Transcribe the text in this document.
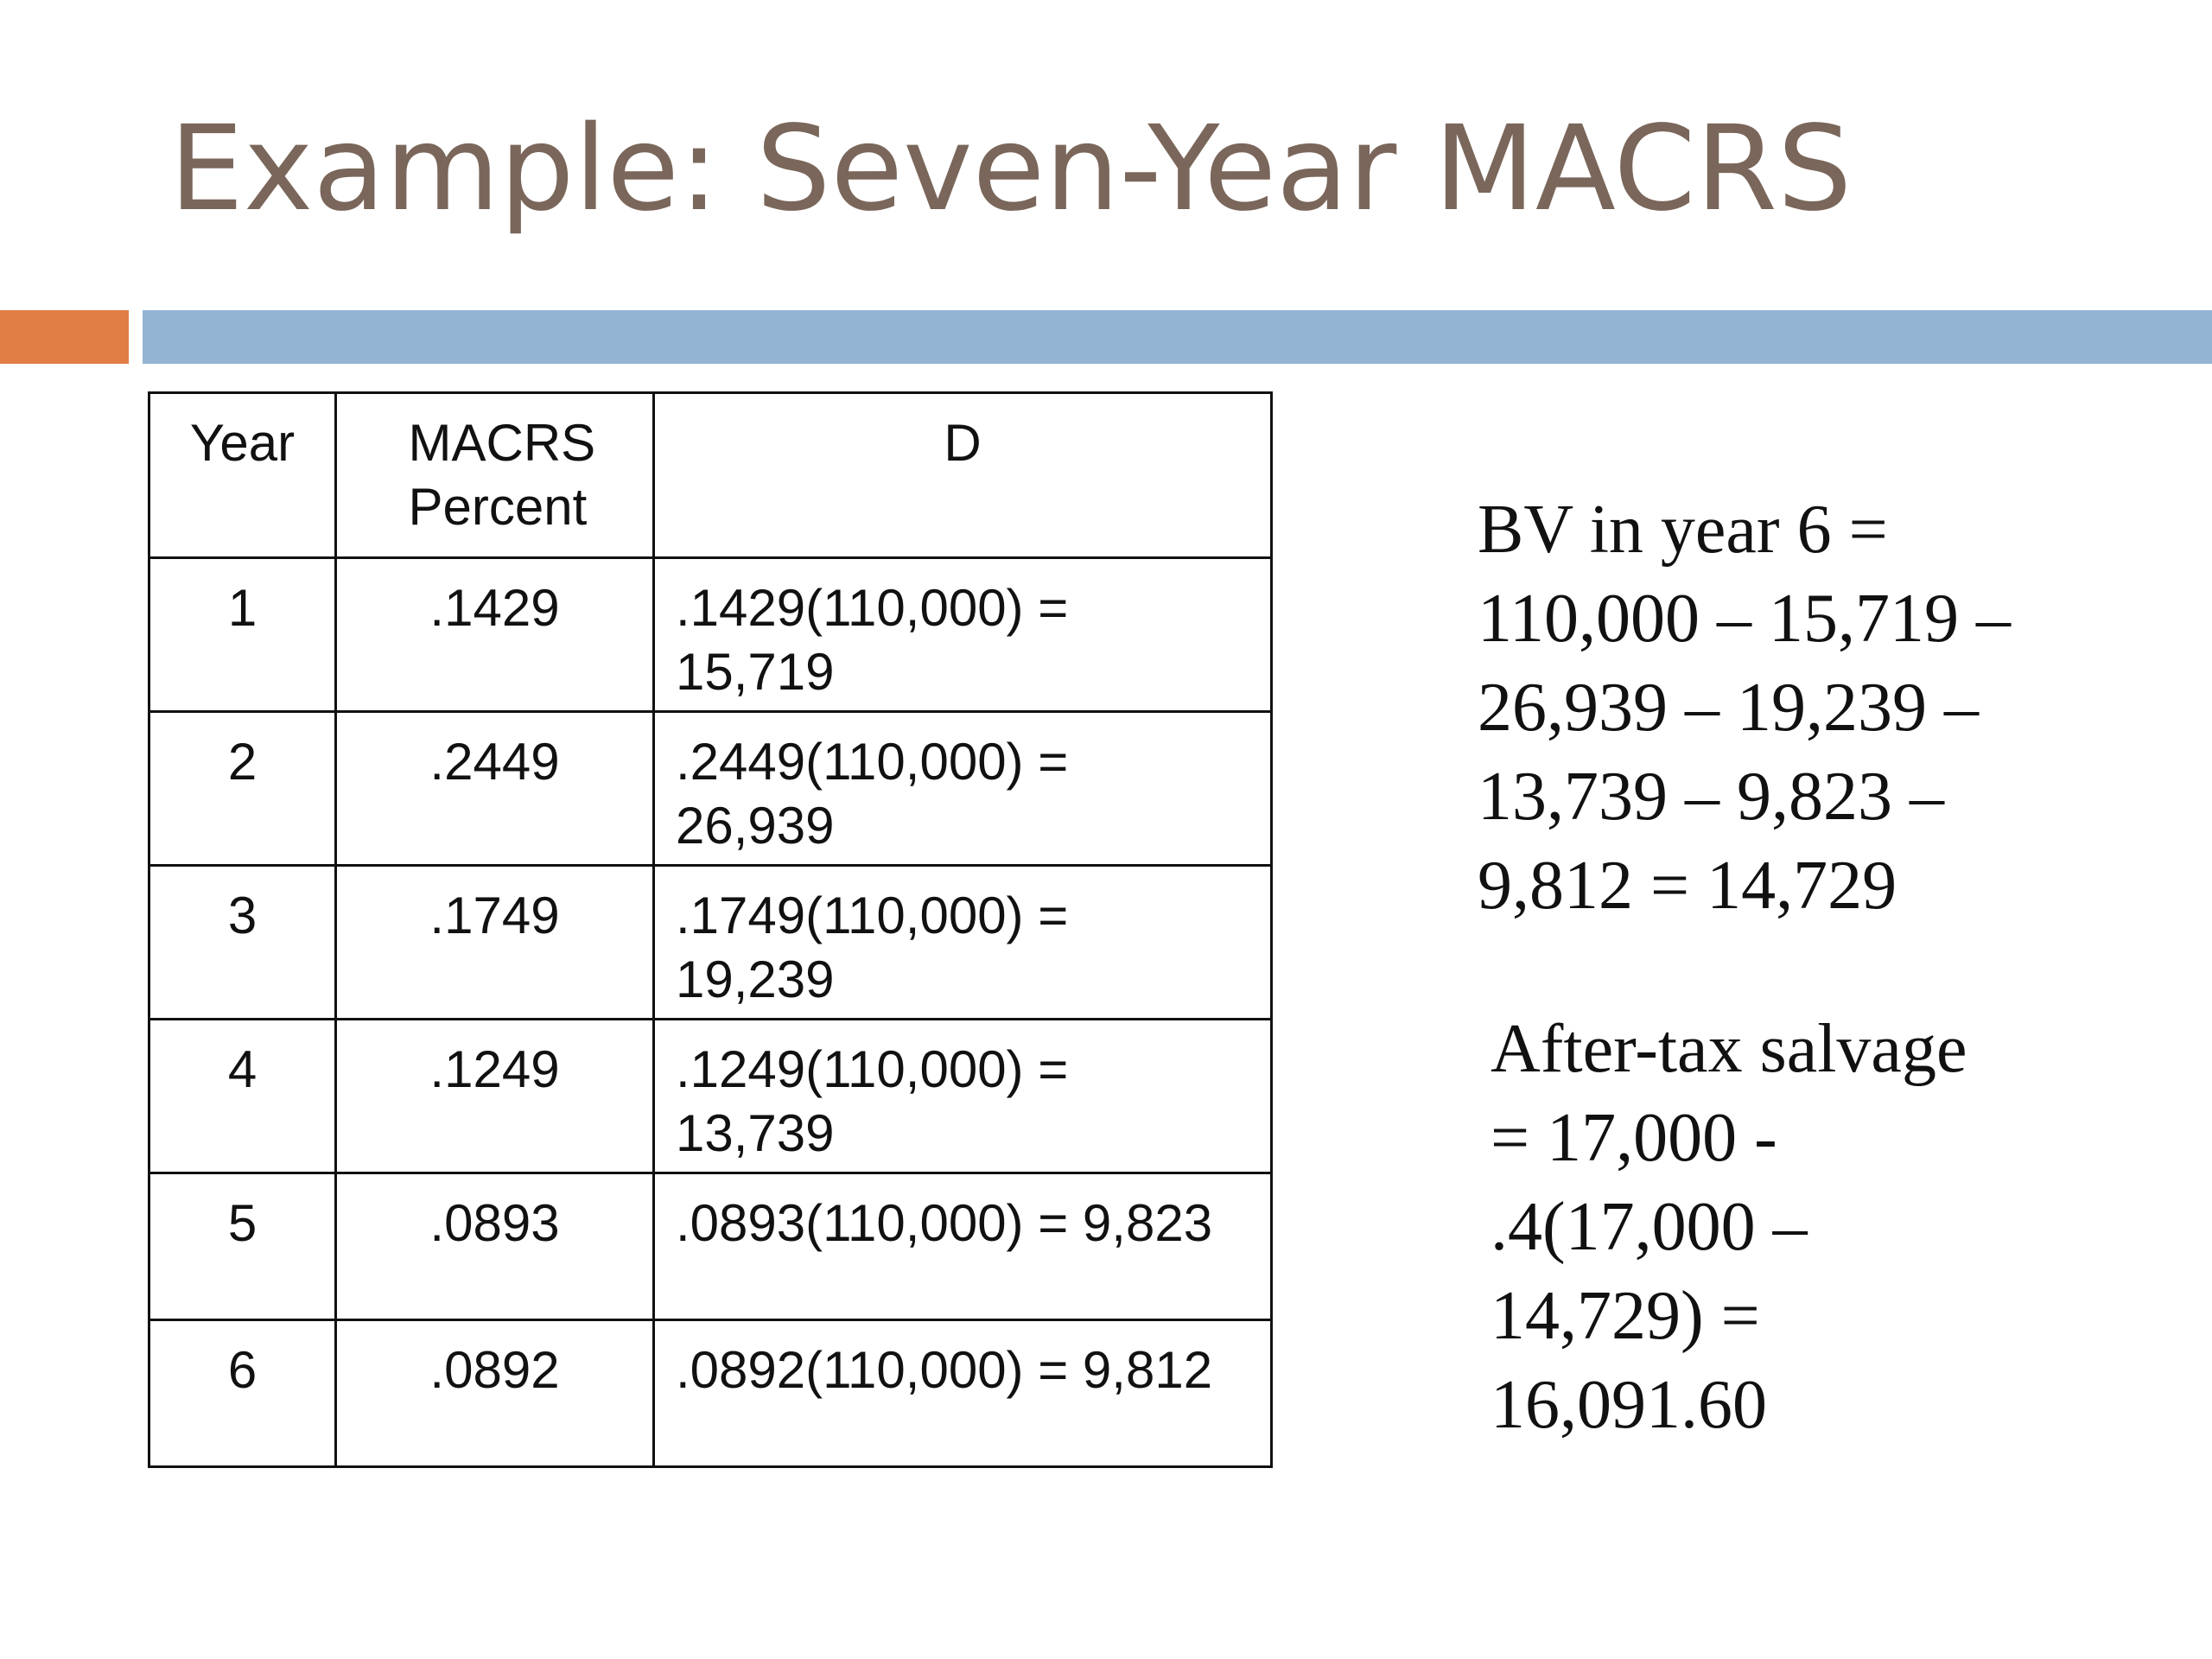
Example: Seven-Year MACRS
Year	MACRS Percent	D
1	.1429	.1429(110,000) = 15,719

2	.2449	.2449(110,000) = 26,939

3	.1749	.1749(110,000) = 19,239

4	.1249	.1249(110,000) = 13,739

5	.0893	.0893(110,000) = 9,823
6	.0892	.0892(110,000) = 9,812
BV in year 6 =
110,000 – 15,719 –
26,939 – 19,239 –
13,739 – 9,823 –
9,812 = 14,729
After-tax salvage
= 17,000 -
.4(17,000 –
14,729) =
16,091.60
